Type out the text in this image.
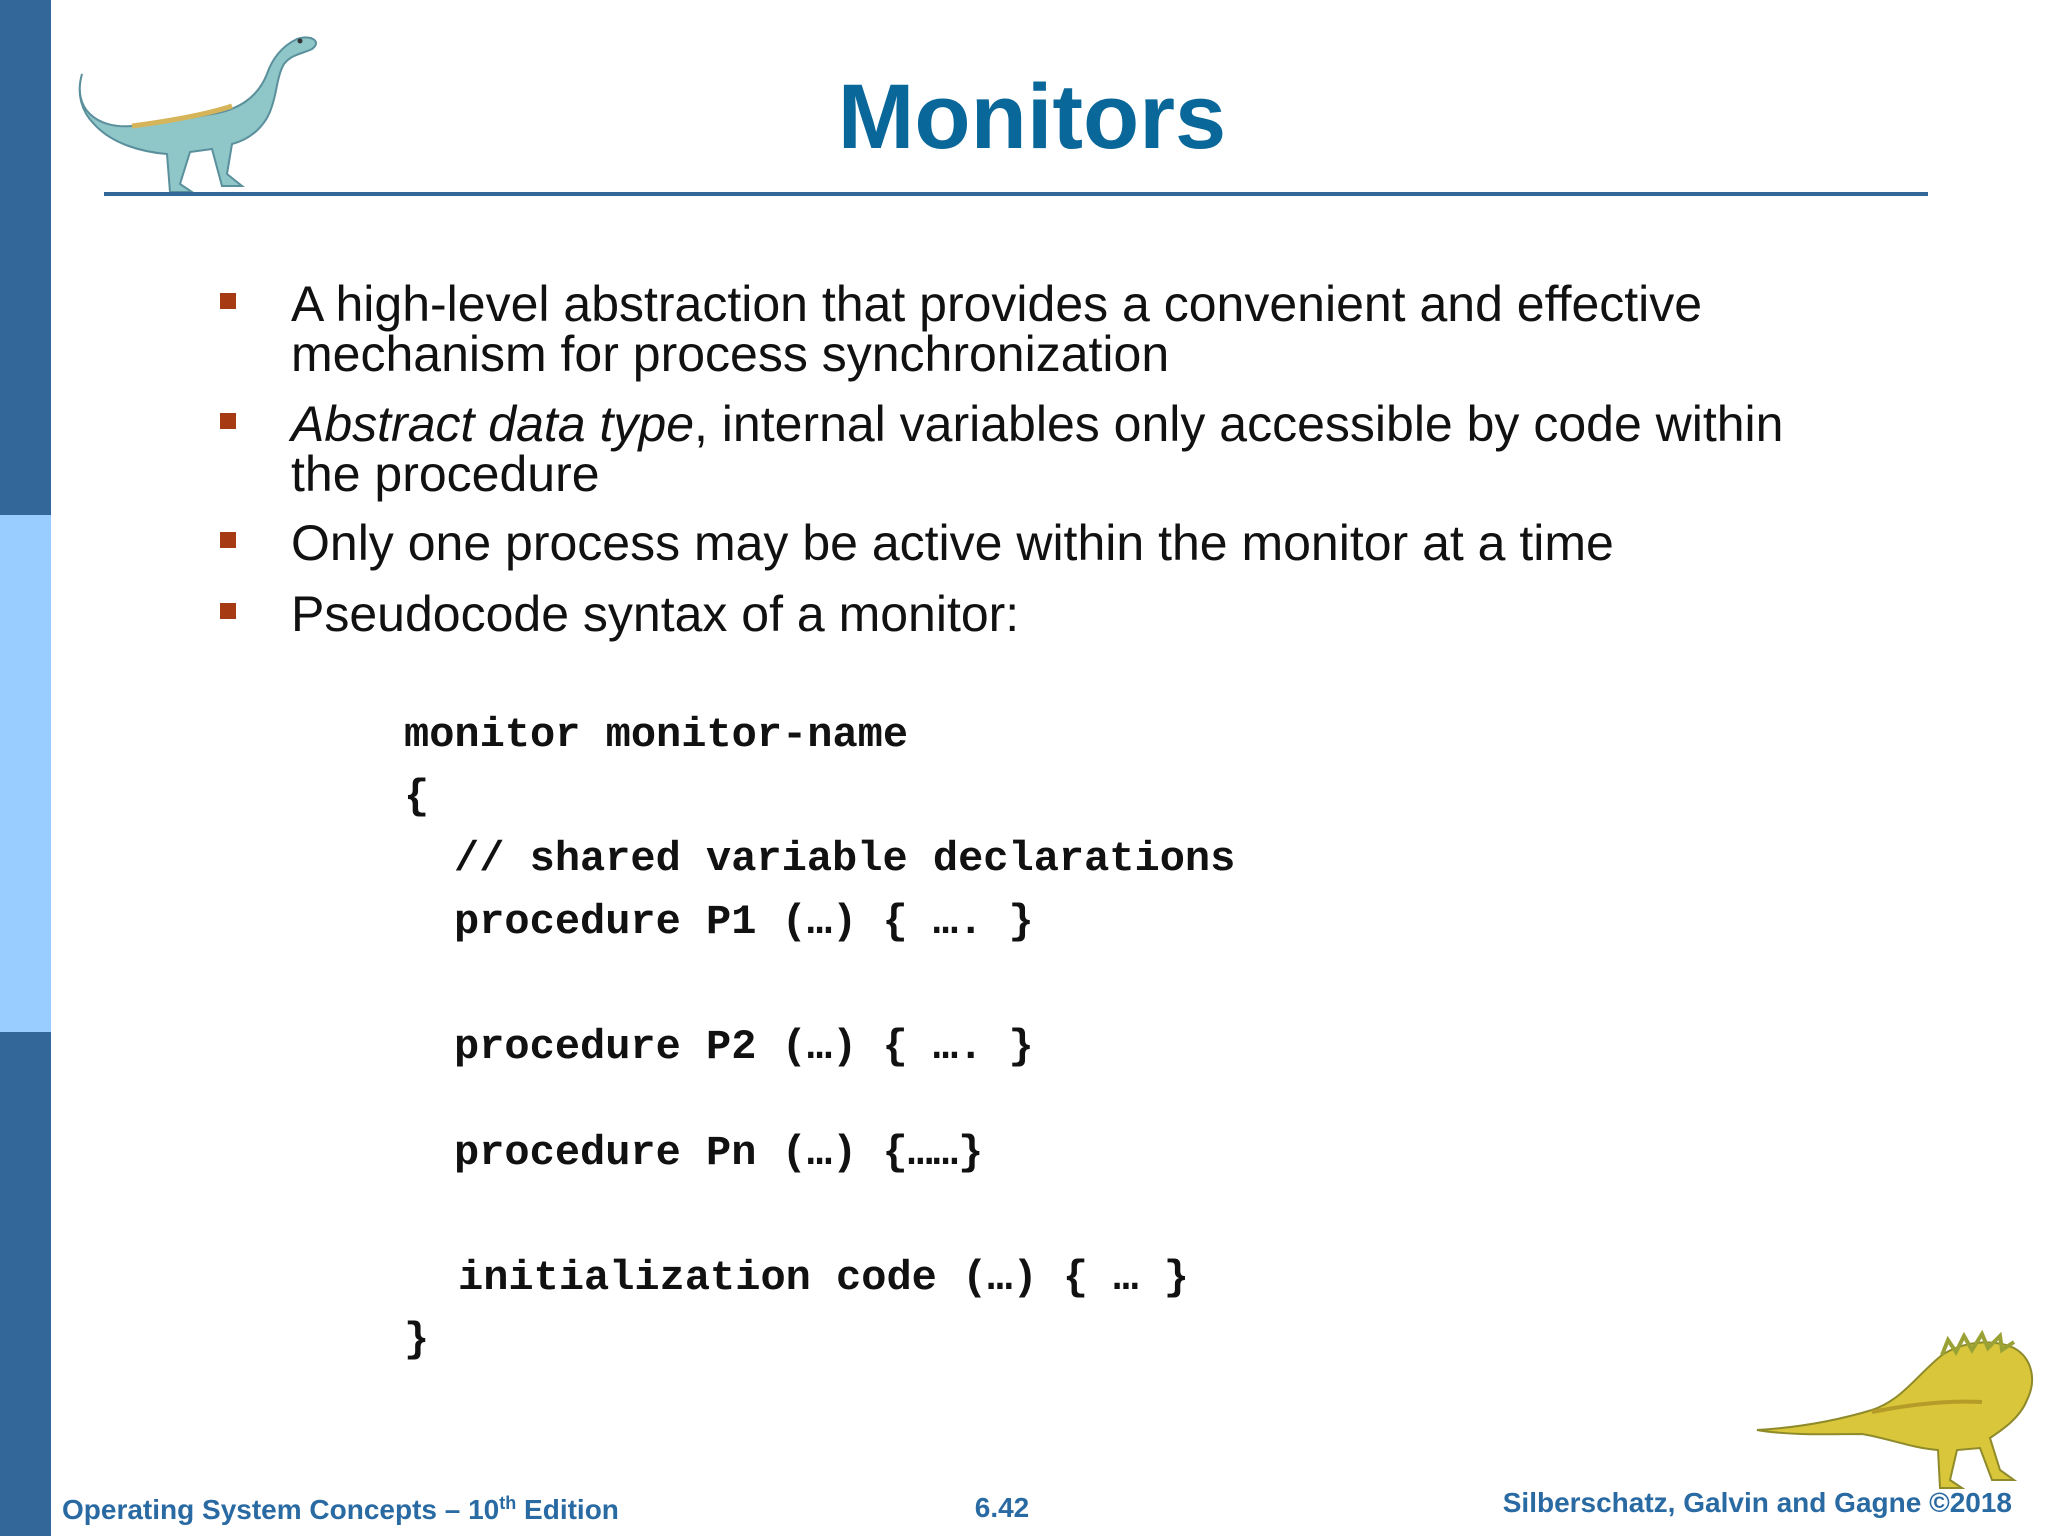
Monitors
A high-level abstraction that provides a convenient and effective mechanism for process synchronization
Abstract data type, internal variables only accessible by code within the procedure
Only one process may be active within the monitor at a time
Pseudocode syntax of a monitor:
monitor monitor-name
{
// shared variable declarations
procedure P1 (…) { …. }
procedure P2 (…) { …. }
procedure Pn (…) {……}
initialization code (…) { … }
}
Operating System Concepts – 10th Edition	6.42	Silberschatz, Galvin and Gagne ©2018
